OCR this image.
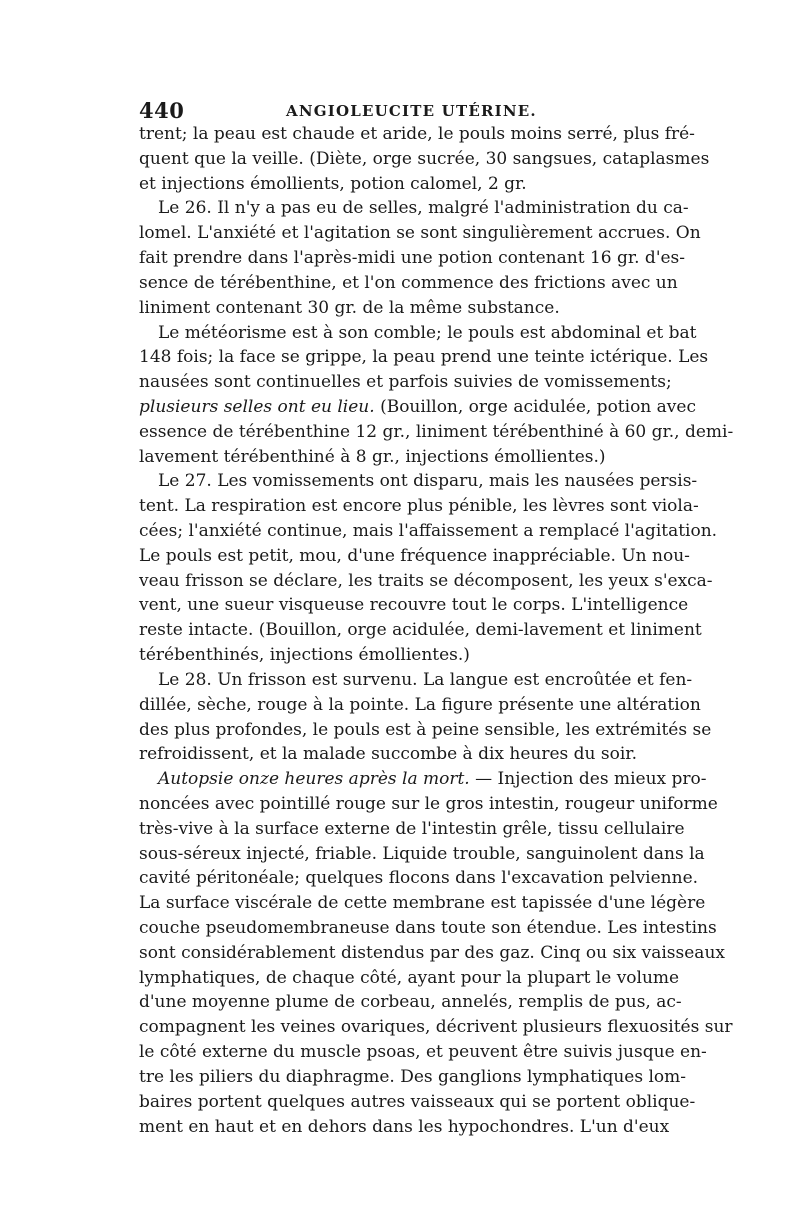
440	ANGIOLEUCITE UTÉRINE.
trent; la peau est chaude et aride, le pouls moins serré, plus fré-
quent que la veille. (Diète, orge sucrée, 30 sangsues, cataplasmes
et injections émollients, potion calomel, 2 gr.
Le 26. Il n'y a pas eu de selles, malgré l'administration du ca-
lomel. L'anxiété et l'agitation se sont singulièrement accrues. On
fait prendre dans l'après-midi une potion contenant 16 gr. d'es-
sence de térébenthine, et l'on commence des frictions avec un
liniment contenant 30 gr. de la même substance.
Le météorisme est à son comble; le pouls est abdominal et bat
148 fois; la face se grippe, la peau prend une teinte ictérique. Les
nausées sont continuelles et parfois suivies de vomissements;
plusieurs selles ont eu lieu. (Bouillon, orge acidulée, potion avec
essence de térébenthine 12 gr., liniment térébenthiné à 60 gr., demi-
lavement térébenthiné à 8 gr., injections émollientes.)
Le 27. Les vomissements ont disparu, mais les nausées persis-
tent. La respiration est encore plus pénible, les lèvres sont viola-
cées; l'anxiété continue, mais l'affaissement a remplacé l'agitation.
Le pouls est petit, mou, d'une fréquence inappréciable. Un nou-
veau frisson se déclare, les traits se décomposent, les yeux s'exca-
vent, une sueur visqueuse recouvre tout le corps. L'intelligence
reste intacte. (Bouillon, orge acidulée, demi-lavement et liniment
térébenthinés, injections émollientes.)
Le 28. Un frisson est survenu. La langue est encroûtée et fen-
dillée, sèche, rouge à la pointe. La figure présente une altération
des plus profondes, le pouls est à peine sensible, les extrémités se
refroidissent, et la malade succombe à dix heures du soir.
Autopsie onze heures après la mort. — Injection des mieux pro-
noncées avec pointillé rouge sur le gros intestin, rougeur uniforme
très-vive à la surface externe de l'intestin grêle, tissu cellulaire
sous-séreux injecté, friable. Liquide trouble, sanguinolent dans la
cavité péritonéale; quelques flocons dans l'excavation pelvienne.
La surface viscérale de cette membrane est tapissée d'une légère
couche pseudomembraneuse dans toute son étendue. Les intestins
sont considérablement distendus par des gaz. Cinq ou six vaisseaux
lymphatiques, de chaque côté, ayant pour la plupart le volume
d'une moyenne plume de corbeau, annelés, remplis de pus, ac-
compagnent les veines ovariques, décrivent plusieurs flexuosités sur
le côté externe du muscle psoas, et peuvent être suivis jusque en-
tre les piliers du diaphragme. Des ganglions lymphatiques lom-
baires portent quelques autres vaisseaux qui se portent oblique-
ment en haut et en dehors dans les hypochondres. L'un d'eux
